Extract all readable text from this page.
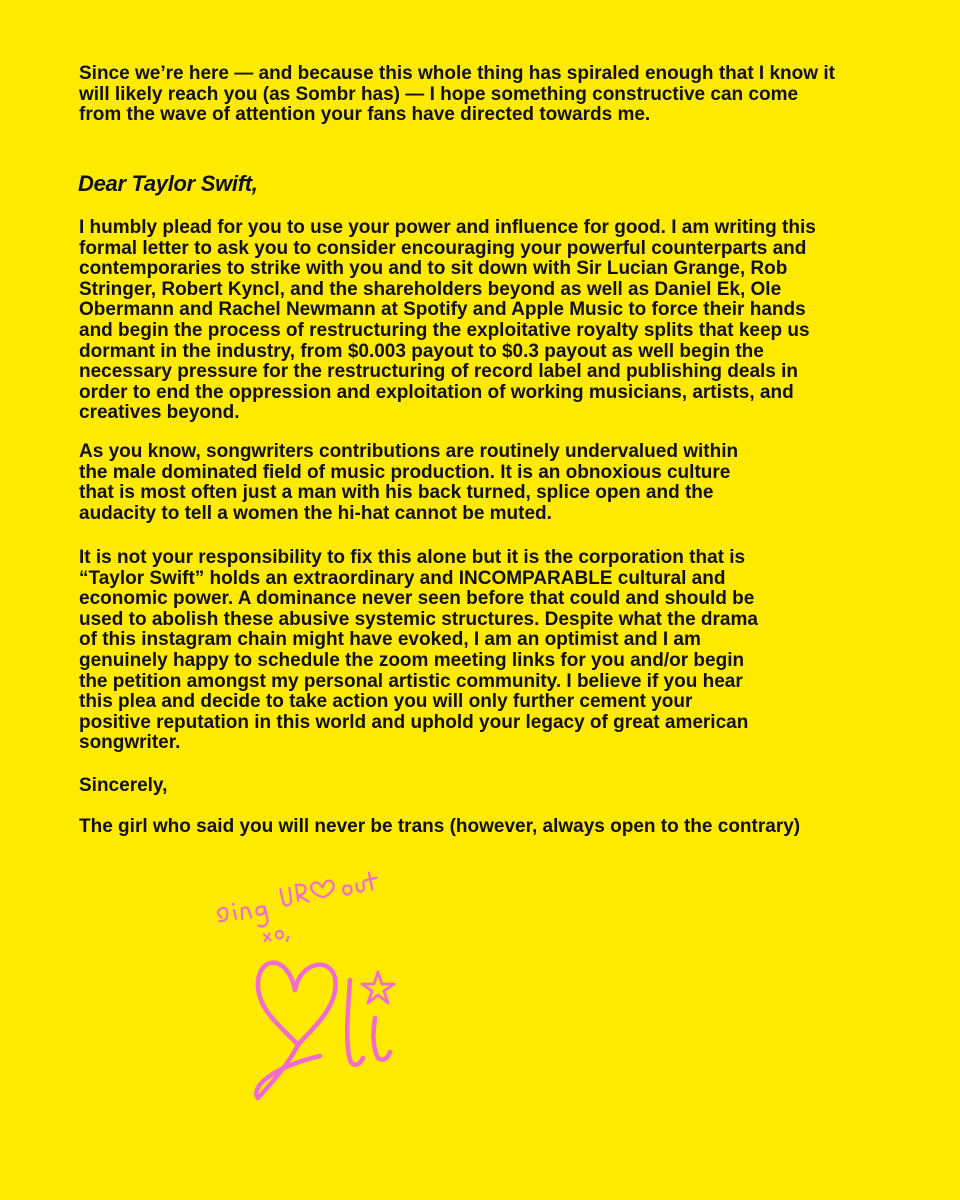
Since we’re here — and because this whole thing has spiraled enough that I know it
will likely reach you (as Sombr has) — I hope something constructive can come
from the wave of attention your fans have directed towards me.

Dear Taylor Swift,

I humbly plead for you to use your power and influence for good. I am writing this
formal letter to ask you to consider encouraging your powerful counterparts and
contemporaries to strike with you and to sit down with Sir Lucian Grange, Rob
Stringer, Robert Kyncl, and the shareholders beyond as well as Daniel Ek, Ole
Obermann and Rachel Newmann at Spotify and Apple Music to force their hands
and begin the process of restructuring the exploitative royalty splits that keep us
dormant in the industry, from $0.003 payout to $0.3 payout as well begin the
necessary pressure for the restructuring of record label and publishing deals in
order to end the oppression and exploitation of working musicians, artists, and
creatives beyond.

As you know, songwriters contributions are routinely undervalued within
the male dominated field of music production. It is an obnoxious culture
that is most often just a man with his back turned, splice open and the
audacity to tell a women the hi-hat cannot be muted.

It is not your responsibility to fix this alone but it is the corporation that is
“Taylor Swift” holds an extraordinary and INCOMPARABLE cultural and
economic power. A dominance never seen before that could and should be
used to abolish these abusive systemic structures. Despite what the drama
of this instagram chain might have evoked, I am an optimist and I am
genuinely happy to schedule the zoom meeting links for you and/or begin
the petition amongst my personal artistic community. I believe if you hear
this plea and decide to take action you will only further cement your
positive reputation in this world and uphold your legacy of great american
songwriter.

Sincerely,

The girl who said you will never be trans (however, always open to the contrary)
